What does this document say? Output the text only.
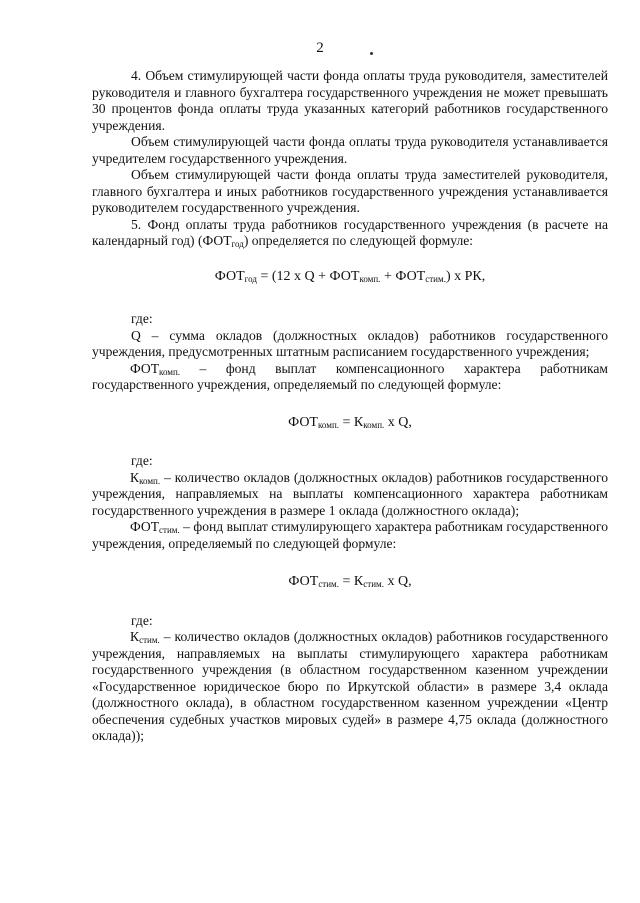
2

4. Объем стимулирующей части фонда оплаты труда руководителя, заместителей руководителя и главного бухгалтера государственного учреждения не может превышать 30 процентов фонда оплаты труда указанных категорий работников государственного учреждения.

Объем стимулирующей части фонда оплаты труда руководителя устанавливается учредителем государственного учреждения.

Объем стимулирующей части фонда оплаты труда заместителей руководителя, главного бухгалтера и иных работников государственного учреждения устанавливается руководителем государственного учреждения.

5. Фонд оплаты труда работников государственного учреждения (в расчете на календарный год) $(ФОТ_{год})$ определяется по следующей формуле:

$ФОТ_{год} = (12$ х $Q + ФОТ_{комп.} + ФОТ_{стим.}$) х РК,

где:

Q – сумма окладов (должностных окладов) работников государственного учреждения, предусмотренных штатным расписанием государственного учреждения;

$ФОТ_{комп.}$ – фонд выплат компенсационного характера работникам государственного учреждения, определяемый по следующей формуле:

$ФОТ_{комп.} = К_{комп.}$ х Q,

где:

$К_{комп.}$ – количество окладов (должностных окладов) работников государственного учреждения, направляемых на выплаты компенсационного характера работникам государственного учреждения в размере 1 оклада (должностного оклада);

$ФОТ_{стим.}$ – фонд выплат стимулирующего характера работникам государственного учреждения, определяемый по следующей формуле:

$ФОТ_{стим.} = К_{стим.}$ х Q,

где:

$К_{стим.}$ – количество окладов (должностных окладов) работников государственного учреждения, направляемых на выплаты стимулирующего характера работникам государственного учреждения (в областном государственном казенном учреждении «Государственное юридическое бюро по Иркутской области» в размере 3,4 оклада (должностного оклада), в областном государственном казенном учреждении «Центр обеспечения судебных участков мировых судей» в размере 4,75 оклада (должностного оклада));
